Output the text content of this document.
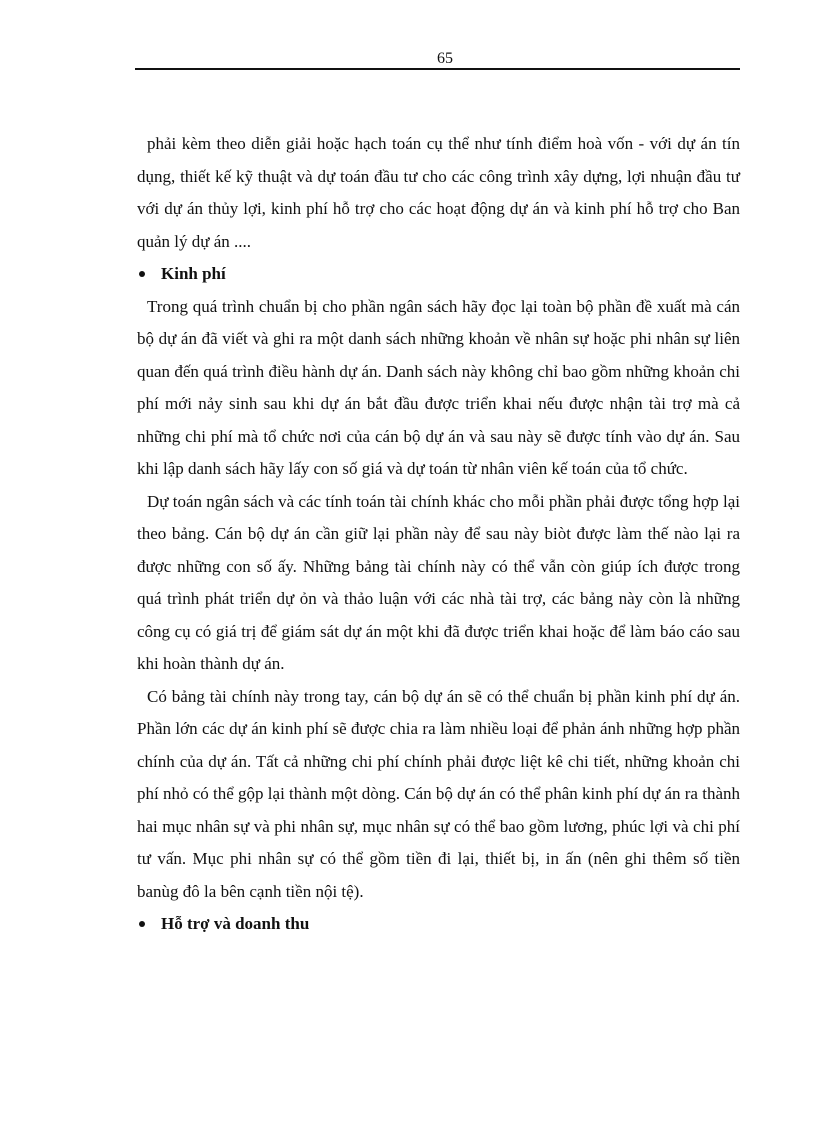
65

phải kèm theo diễn giải hoặc hạch toán cụ thể như tính điểm hoà vốn - với dự án tín dụng, thiết kế kỹ thuật và dự toán đầu tư cho các công trình xây dựng, lợi nhuận đầu tư với dự án thủy lợi, kinh phí hỗ trợ cho các hoạt động dự án và kinh phí hỗ trợ cho Ban quản lý dự án ....

Kinh phí

Trong quá trình chuẩn bị cho phần ngân sách hãy đọc lại toàn bộ phần đề xuất mà cán bộ dự án đã viết và ghi ra một danh sách những khoản về nhân sự hoặc phi nhân sự liên quan đến quá trình điều hành dự án. Danh sách này không chỉ bao gồm những khoản chi phí mới nảy sinh sau khi dự án bắt đầu được triển khai nếu được nhận tài trợ mà cả những chi phí mà tổ chức nơi của cán bộ dự án và sau này sẽ được tính vào dự án. Sau khi lập danh sách hãy lấy con số giá và dự toán từ nhân viên kế toán của tổ chức.

Dự toán ngân sách và các tính toán tài chính khác cho mỗi phần phải được tổng hợp lại theo bảng. Cán bộ dự án cần giữ lại phần này để sau này biòt được làm thế nào lại ra được những con số ấy. Những bảng tài chính này có thể vẫn còn giúp ích được trong quá trình phát triển dự ỏn và thảo luận với các nhà tài trợ, các bảng này còn là những công cụ có giá trị để giám sát dự án một khi đã được triển khai hoặc để làm báo cáo sau khi hoàn thành dự án.

Có bảng tài chính này trong tay, cán bộ dự án sẽ có thể chuẩn bị phần kinh phí dự án. Phần lớn các dự án kinh phí sẽ được chia ra làm nhiều loại để phản ánh những hợp phần chính của dự án. Tất cả những chi phí chính phải được liệt kê chi tiết, những khoản chi phí nhỏ có thể gộp lại thành một dòng. Cán bộ dự án có thể phân kinh phí dự án ra thành hai mục nhân sự và phi nhân sự, mục nhân sự có thể bao gồm lương, phúc lợi và chi phí tư vấn. Mục phi nhân sự có thể gồm tiền đi lại, thiết bị, in ấn (nên ghi thêm số tiền banùg đô la bên cạnh tiền nội tệ).

Hỗ trợ và doanh thu
